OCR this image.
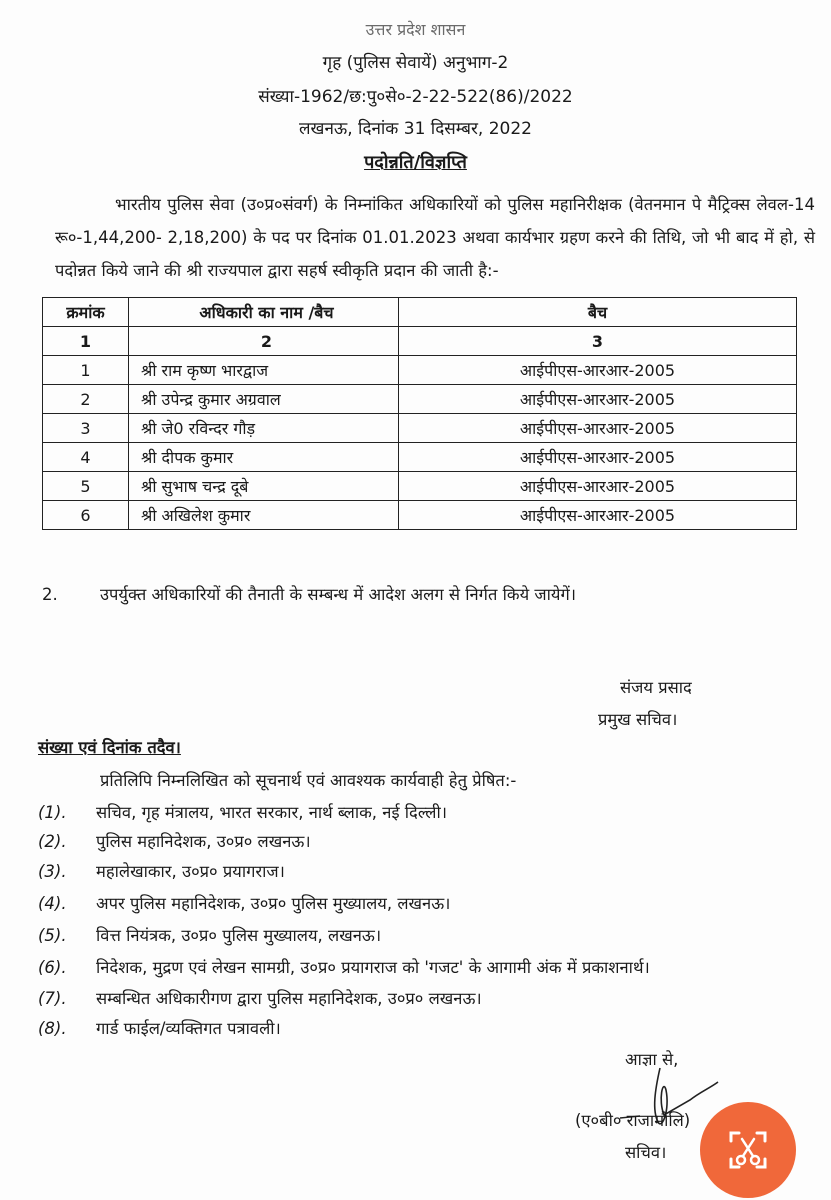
उत्तर प्रदेश शासन
गृह (पुलिस सेवायें) अनुभाग-2
संख्या-1962/छ:पु०से०-2-22-522(86)/2022
लखनऊ, दिनांक 31 दिसम्बर, 2022
पदोन्नति/विज्ञप्ति
भारतीय पुलिस सेवा (उ०प्र०संवर्ग) के निम्नांकित अधिकारियों को पुलिस महानिरीक्षक (वेतनमान पे मैट्रिक्स लेवल-14 रू०-1,44,200- 2,18,200) के पद पर दिनांक 01.01.2023 अथवा कार्यभार ग्रहण करने की तिथि, जो भी बाद में हो, से पदोन्नत किये जाने की श्री राज्यपाल द्वारा सहर्ष स्वीकृति प्रदान की जाती है:-
क्रमांक	अधिकारी का नाम /बैच	बैच
1	2	3
1	श्री राम कृष्ण भारद्वाज	आईपीएस-आरआर-2005
2	श्री उपेन्द्र कुमार अग्रवाल	आईपीएस-आरआर-2005
3	श्री जे0 रविन्दर गौड़	आईपीएस-आरआर-2005
4	श्री दीपक कुमार	आईपीएस-आरआर-2005
5	श्री सुभाष चन्द्र दूबे	आईपीएस-आरआर-2005
6	श्री अखिलेश कुमार	आईपीएस-आरआर-2005
2.	उपर्युक्त अधिकारियों की तैनाती के सम्बन्ध में आदेश अलग से निर्गत किये जायेगें।
संजय प्रसाद
प्रमुख सचिव।
संख्या एवं दिनांक तदैव।
प्रतिलिपि निम्नलिखित को सूचनार्थ एवं आवश्यक कार्यवाही हेतु प्रेषित:-
(1). सचिव, गृह मंत्रालय, भारत सरकार, नार्थ ब्लाक, नई दिल्ली।
(2). पुलिस महानिदेशक, उ०प्र० लखनऊ।
(3). महालेखाकार, उ०प्र० प्रयागराज।
(4). अपर पुलिस महानिदेशक, उ०प्र० पुलिस मुख्यालय, लखनऊ।
(5). वित्त नियंत्रक, उ०प्र० पुलिस मुख्यालय, लखनऊ।
(6). निदेशक, मुद्रण एवं लेखन सामग्री, उ०प्र० प्रयागराज को 'गजट' के आगामी अंक में प्रकाशनार्थ।
(7). सम्बन्धित अधिकारीगण द्वारा पुलिस महानिदेशक, उ०प्र० लखनऊ।
(8). गार्ड फाईल/व्यक्तिगत पत्रावली।
आज्ञा से,
(ए०बी० राजामौलि)
सचिव।
